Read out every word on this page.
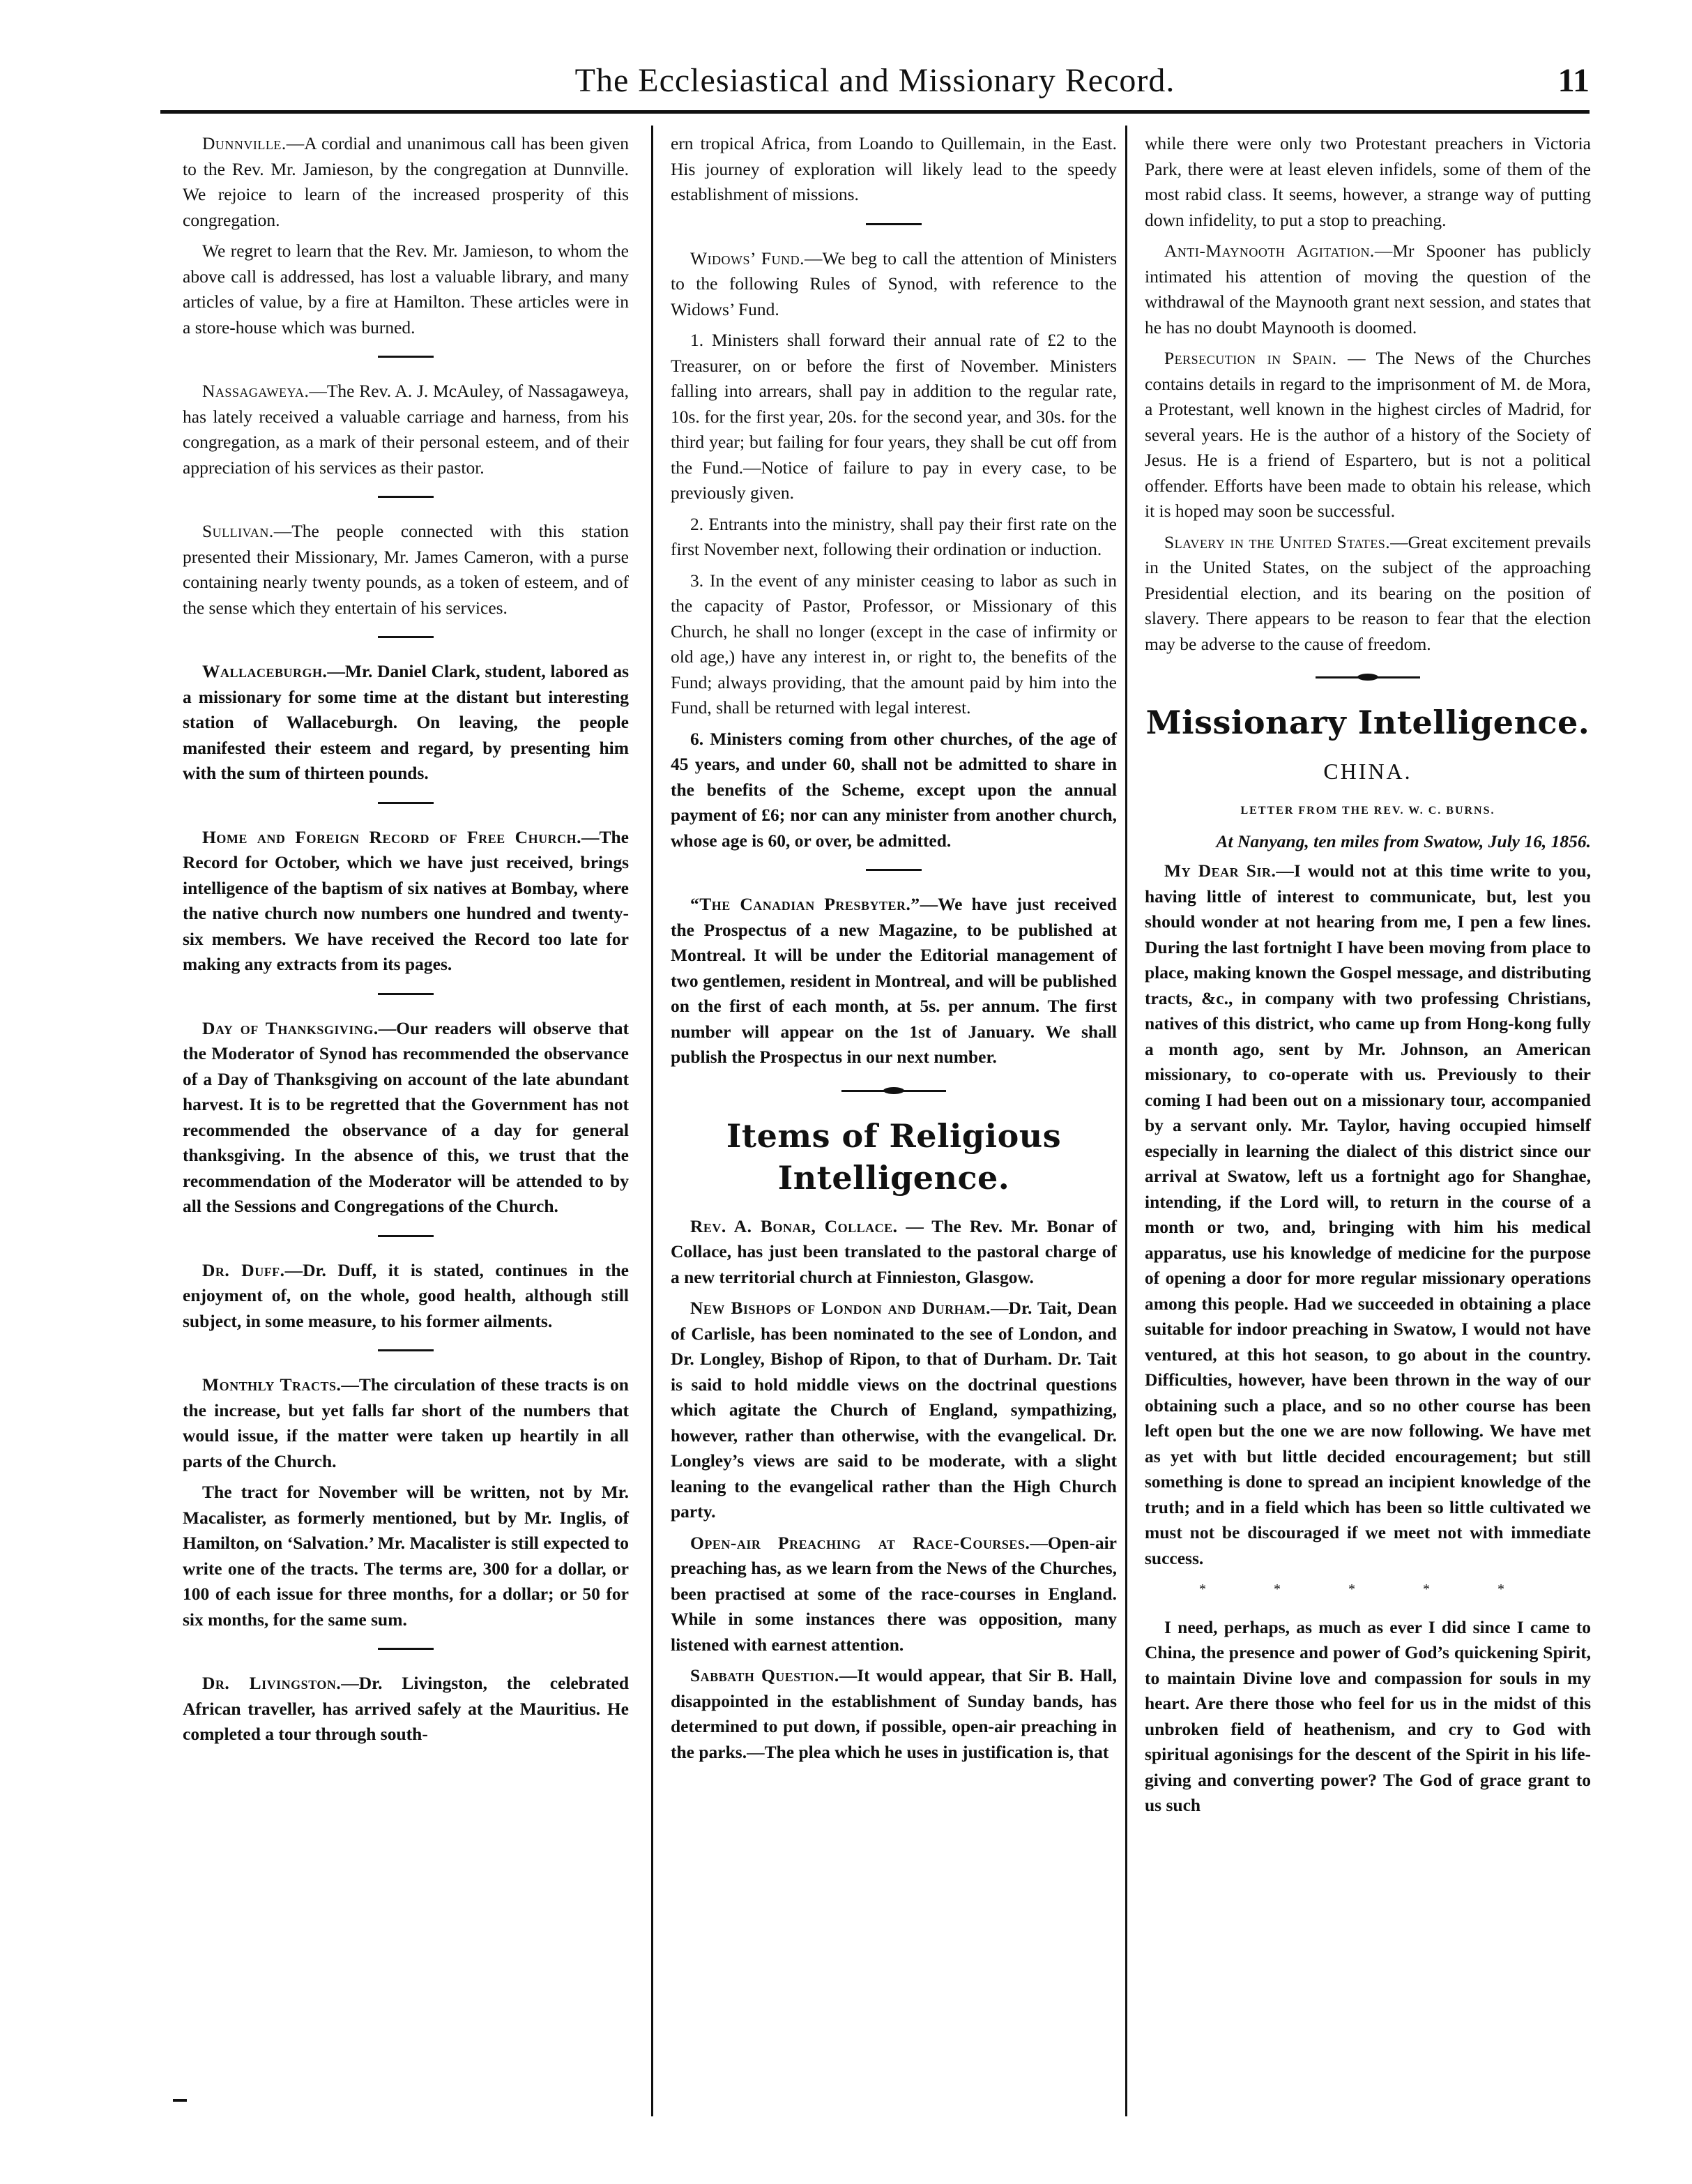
The Ecclesiastical and Missionary Record.	11

Dunnville.—A cordial and unanimous call has been given to the Rev. Mr. Jamieson, by the congregation at Dunnville. We rejoice to learn of the increased prosperity of this congregation.

We regret to learn that the Rev. Mr. Jamieson, to whom the above call is addressed, has lost a valuable library, and many articles of value, by a fire at Hamilton. These articles were in a store-house which was burned.

Nassagaweya.—The Rev. A. J. McAuley, of Nassagaweya, has lately received a valuable carriage and harness, from his congregation, as a mark of their personal esteem, and of their appreciation of his services as their pastor.

Sullivan.—The people connected with this station presented their Missionary, Mr. James Cameron, with a purse containing nearly twenty pounds, as a token of esteem, and of the sense which they entertain of his services.

Wallaceburgh.—Mr. Daniel Clark, student, labored as a missionary for some time at the distant but interesting station of Wallaceburgh. On leaving, the people manifested their esteem and regard, by presenting him with the sum of thirteen pounds.

Home and Foreign Record of Free Church.—The Record for October, which we have just received, brings intelligence of the baptism of six natives at Bombay, where the native church now numbers one hundred and twenty-six members. We have received the Record too late for making any extracts from its pages.

Day of Thanksgiving.—Our readers will observe that the Moderator of Synod has recommended the observance of a Day of Thanksgiving on account of the late abundant harvest. It is to be regretted that the Government has not recommended the observance of a day for general thanksgiving. In the absence of this, we trust that the recommendation of the Moderator will be attended to by all the Sessions and Congregations of the Church.

Dr. Duff.—Dr. Duff, it is stated, continues in the enjoyment of, on the whole, good health, although still subject, in some measure, to his former ailments.

Monthly Tracts.—The circulation of these tracts is on the increase, but yet falls far short of the numbers that would issue, if the matter were taken up heartily in all parts of the Church.

The tract for November will be written, not by Mr. Macalister, as formerly mentioned, but by Mr. Inglis, of Hamilton, on ‘Salvation.’ Mr. Macalister is still expected to write one of the tracts. The terms are, 300 for a dollar, or 100 of each issue for three months, for a dollar; or 50 for six months, for the same sum.

Dr. Livingston.—Dr. Livingston, the celebrated African traveller, has arrived safely at the Mauritius. He completed a tour through south-

ern tropical Africa, from Loando to Quillemain, in the East. His journey of exploration will likely lead to the speedy establishment of missions.

Widows’ Fund.—We beg to call the attention of Ministers to the following Rules of Synod, with reference to the Widows’ Fund.

1. Ministers shall forward their annual rate of £2 to the Treasurer, on or before the first of November. Ministers falling into arrears, shall pay in addition to the regular rate, 10s. for the first year, 20s. for the second year, and 30s. for the third year; but failing for four years, they shall be cut off from the Fund.—Notice of failure to pay in every case, to be previously given.

2. Entrants into the ministry, shall pay their first rate on the first November next, following their ordination or induction.

3. In the event of any minister ceasing to labor as such in the capacity of Pastor, Professor, or Missionary of this Church, he shall no longer (except in the case of infirmity or old age,) have any interest in, or right to, the benefits of the Fund; always providing, that the amount paid by him into the Fund, shall be returned with legal interest.

6. Ministers coming from other churches, of the age of 45 years, and under 60, shall not be admitted to share in the benefits of the Scheme, except upon the annual payment of £6; nor can any minister from another church, whose age is 60, or over, be admitted.

“The Canadian Presbyter.”—We have just received the Prospectus of a new Magazine, to be published at Montreal. It will be under the Editorial management of two gentlemen, resident in Montreal, and will be published on the first of each month, at 5s. per annum. The first number will appear on the 1st of January. We shall publish the Prospectus in our next number.

Items of Religious Intelligence.

Rev. A. Bonar, Collace. — The Rev. Mr. Bonar of Collace, has just been translated to the pastoral charge of a new territorial church at Finnieston, Glasgow.

New Bishops of London and Durham.—Dr. Tait, Dean of Carlisle, has been nominated to the see of London, and Dr. Longley, Bishop of Ripon, to that of Durham. Dr. Tait is said to hold middle views on the doctrinal questions which agitate the Church of England, sympathizing, however, rather than otherwise, with the evangelical. Dr. Longley’s views are said to be moderate, with a slight leaning to the evangelical rather than the High Church party.

Open-air Preaching at Race-Courses.—Open-air preaching has, as we learn from the News of the Churches, been practised at some of the race-courses in England. While in some instances there was opposition, many listened with earnest attention.

Sabbath Question.—It would appear, that Sir B. Hall, disappointed in the establishment of Sunday bands, has determined to put down, if possible, open-air preaching in the parks.—The plea which he uses in justification is, that

while there were only two Protestant preachers in Victoria Park, there were at least eleven infidels, some of them of the most rabid class. It seems, however, a strange way of putting down infidelity, to put a stop to preaching.

Anti-Maynooth Agitation.—Mr Spooner has publicly intimated his attention of moving the question of the withdrawal of the Maynooth grant next session, and states that he has no doubt Maynooth is doomed.

Persecution in Spain. — The News of the Churches contains details in regard to the imprisonment of M. de Mora, a Protestant, well known in the highest circles of Madrid, for several years. He is the author of a history of the Society of Jesus. He is a friend of Espartero, but is not a political offender. Efforts have been made to obtain his release, which it is hoped may soon be successful.

Slavery in the United States.—Great excitement prevails in the United States, on the subject of the approaching Presidential election, and its bearing on the position of slavery. There appears to be reason to fear that the election may be adverse to the cause of freedom.

Missionary Intelligence.
CHINA.
LETTER FROM THE REV. W. C. BURNS.
At Nanyang, ten miles from Swatow, July 16, 1856.

My Dear Sir.—I would not at this time write to you, having little of interest to communicate, but, lest you should wonder at not hearing from me, I pen a few lines. During the last fortnight I have been moving from place to place, making known the Gospel message, and distributing tracts, &c., in company with two professing Christians, natives of this district, who came up from Hong-kong fully a month ago, sent by Mr. Johnson, an American missionary, to co-operate with us. Previously to their coming I had been out on a missionary tour, accompanied by a servant only. Mr. Taylor, having occupied himself especially in learning the dialect of this district since our arrival at Swatow, left us a fortnight ago for Shanghae, intending, if the Lord will, to return in the course of a month or two, and, bringing with him his medical apparatus, use his knowledge of medicine for the purpose of opening a door for more regular missionary operations among this people. Had we succeeded in obtaining a place suitable for indoor preaching in Swatow, I would not have ventured, at this hot season, to go about in the country. Difficulties, however, have been thrown in the way of our obtaining such a place, and so no other course has been left open but the one we are now following. We have met as yet with but little decided encouragement; but still something is done to spread an incipient knowledge of the truth; and in a field which has been so little cultivated we must not be discouraged if we meet not with immediate success.

* * * * *

I need, perhaps, as much as ever I did since I came to China, the presence and power of God’s quickening Spirit, to maintain Divine love and compassion for souls in my heart. Are there those who feel for us in the midst of this unbroken field of heathenism, and cry to God with spiritual agonisings for the descent of the Spirit in his life-giving and converting power? The God of grace grant to us such
